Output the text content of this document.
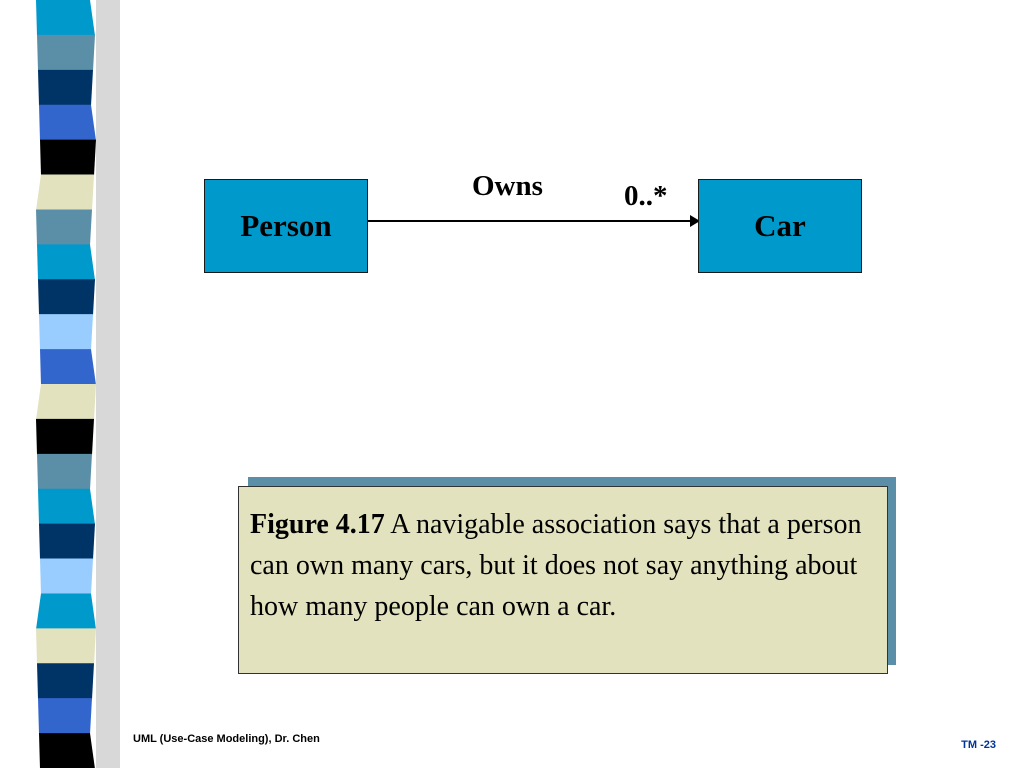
Person	Car
Owns	0..*
Figure 4.17 A navigable association says that a person can own many cars, but it does not say anything about how many people can own a car.
UML (Use-Case Modeling), Dr. Chen	TM -23
